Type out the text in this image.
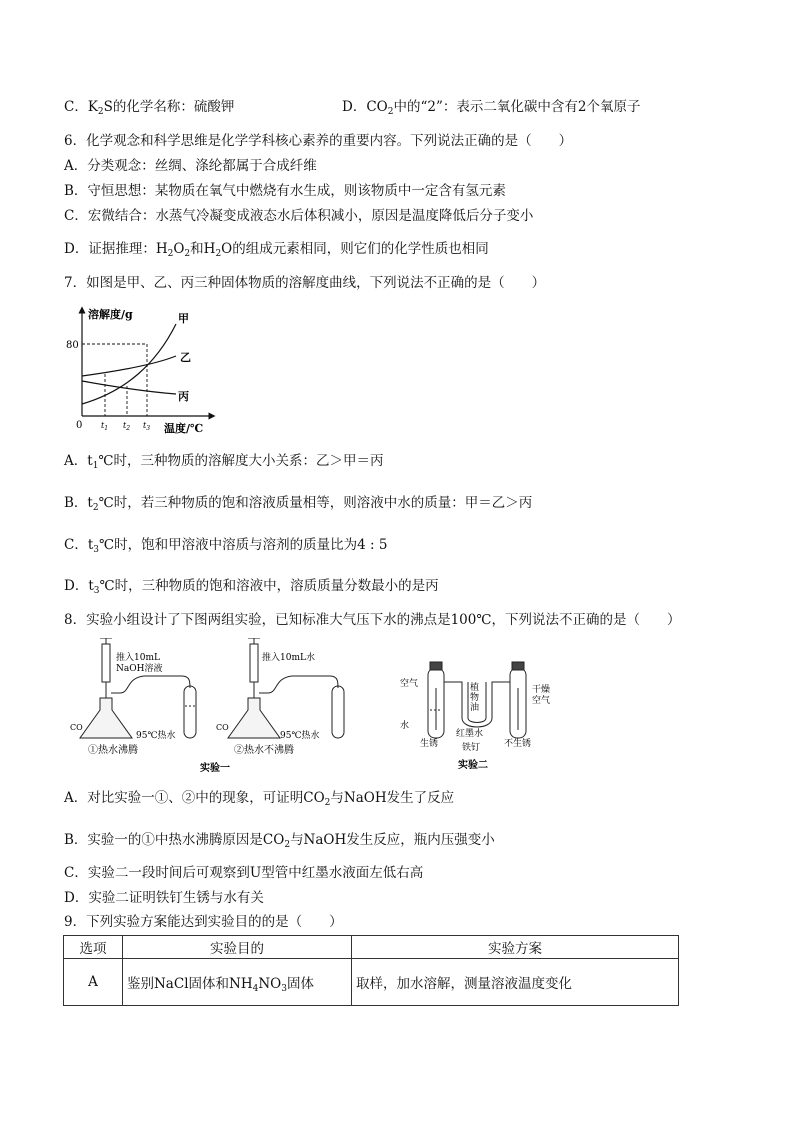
C．$K_2S$的化学名称：硫酸钾	D．$CO_2$中的“2”：表示二氧化碳中含有2个氧原子
6．化学观念和科学思维是化学学科核心素养的重要内容。下列说法正确的是（　　）
A．分类观念：丝绸、涤纶都属于合成纤维
B．守恒思想：某物质在氧气中燃烧有水生成，则该物质中一定含有氢元素
C．宏微结合：水蒸气冷凝变成液态水后体积减小，原因是温度降低后分子变小
D．证据推理：$H_2O_2$和$H_2O$的组成元素相同，则它们的化学性质也相同
7．如图是甲、乙、丙三种固体物质的溶解度曲线，下列说法不正确的是（　　）
溶解度/g
80
0 $t_1$ $t_2$ $t_3$ 温度/℃
甲
乙
丙
A．$t_1℃$时，三种物质的溶解度大小关系：乙＞甲＝丙
B．$t_2℃$时，若三种物质的饱和溶液质量相等，则溶液中水的质量：甲＝乙＞丙
C．$t_3℃$时，饱和甲溶液中溶质与溶剂的质量比为4 : 5
D．$t_3℃$时，三种物质的饱和溶液中，溶质质量分数最小的是丙
8．实验小组设计了下图两组实验，已知标准大气压下水的沸点是100℃，下列说法不正确的是（　　）
推入10mL
NaOH溶液
CO
95℃热水
①热水沸腾
推入10mL水
CO
95℃热水
②热水不沸腾
实验一
空气
水
植
物
油
干燥
空气
红墨水
铁钉
生锈	不生锈
实验二
A．对比实验一①、②中的现象，可证明$CO_2$与NaOH发生了反应
B．实验一的①中热水沸腾原因是$CO_2$与NaOH发生反应，瓶内压强变小
C．实验二一段时间后可观察到U型管中红墨水液面左低右高
D．实验二证明铁钉生锈与水有关
9．下列实验方案能达到实验目的的是（　　）
选项	实验目的	实验方案
A	鉴别NaCl固体和$NH_4NO_3$固体	取样，加水溶解，测量溶液温度变化
